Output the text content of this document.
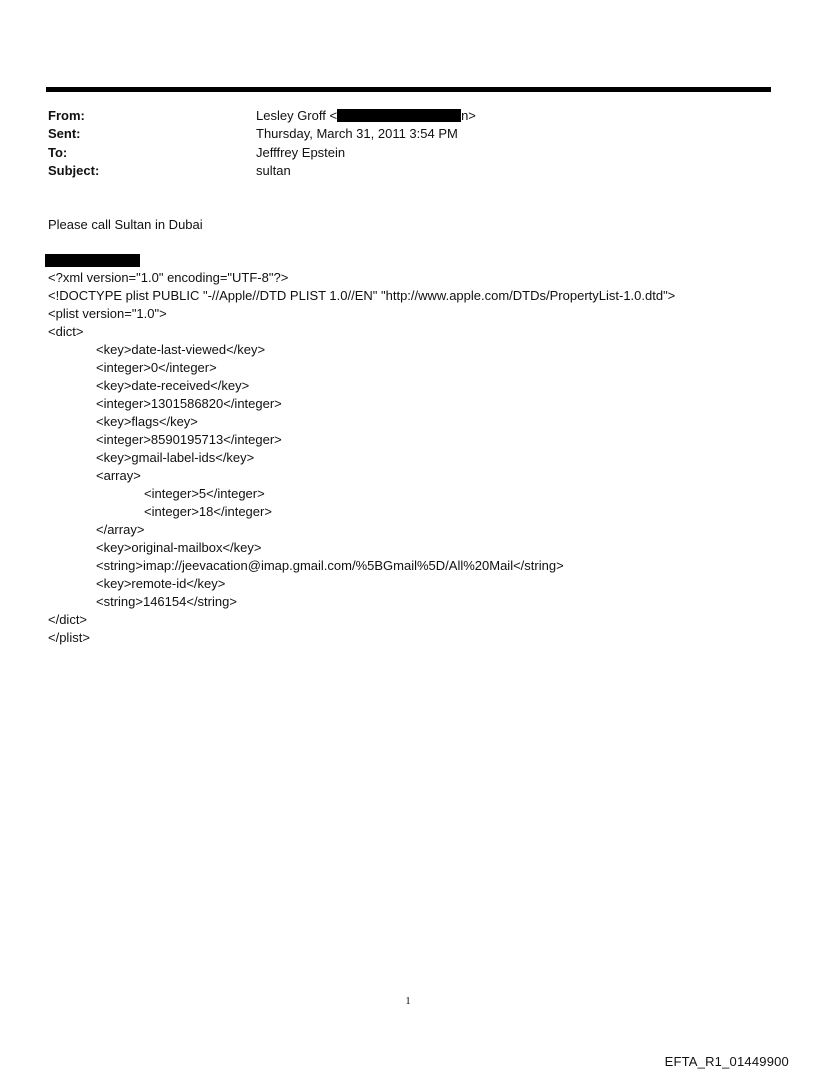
From:	Lesley Groff <	n>
Sent:	Thursday, March 31, 2011 3:54 PM
To:	Jefffrey Epstein
Subject:	sultan
Please call Sultan in Dubai
<?xml version="1.0" encoding="UTF-8"?>
<!DOCTYPE plist PUBLIC "-//Apple//DTD PLIST 1.0//EN" "http://www.apple.com/DTDs/PropertyList-1.0.dtd">
<plist version="1.0">
<dict>
<key>date-last-viewed</key>
<integer>0</integer>
<key>date-received</key>
<integer>1301586820</integer>
<key>flags</key>
<integer>8590195713</integer>
<key>gmail-label-ids</key>
<array>
<integer>5</integer>
<integer>18</integer>
</array>
<key>original-mailbox</key>
<string>imap://jeevacation@imap.gmail.com/%5BGmail%5D/All%20Mail</string>
<key>remote-id</key>
<string>146154</string>
</dict>
</plist>
1
EFTA_R1_01449900
